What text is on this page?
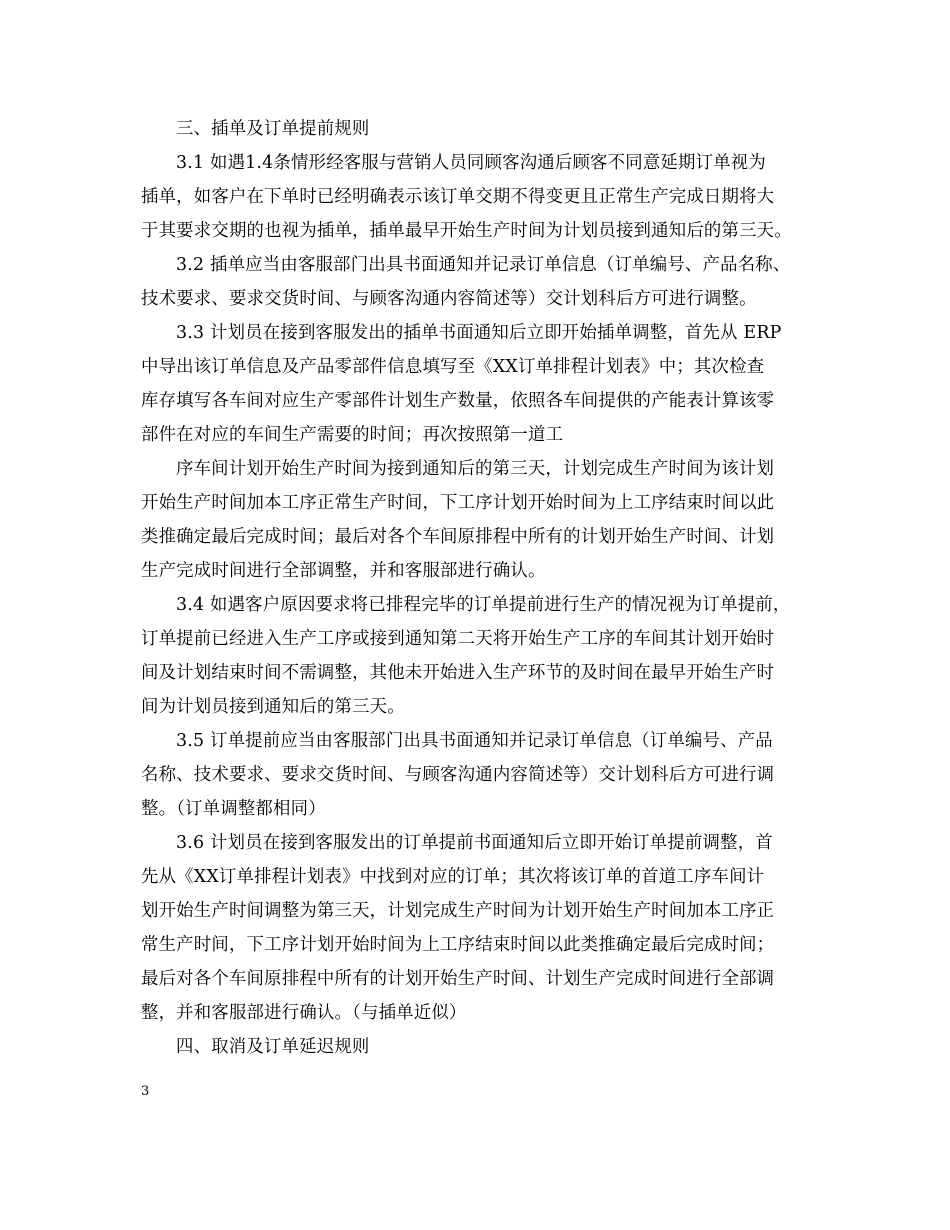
三、插单及订单提前规则
3.1 如遇1.4条情形经客服与营销人员同顾客沟通后顾客不同意延期订单视为
插单，如客户在下单时已经明确表示该订单交期不得变更且正常生产完成日期将大
于其要求交期的也视为插单，插单最早开始生产时间为计划员接到通知后的第三天。
3.2 插单应当由客服部门出具书面通知并记录订单信息（订单编号、产品名称、
技术要求、要求交货时间、与顾客沟通内容简述等）交计划科后方可进行调整。
3.3 计划员在接到客服发出的插单书面通知后立即开始插单调整，首先从 ERP
中导出该订单信息及产品零部件信息填写至《XX订单排程计划表》中；其次检查
库存填写各车间对应生产零部件计划生产数量，依照各车间提供的产能表计算该零
部件在对应的车间生产需要的时间；再次按照第一道工
序车间计划开始生产时间为接到通知后的第三天，计划完成生产时间为该计划
开始生产时间加本工序正常生产时间，下工序计划开始时间为上工序结束时间以此
类推确定最后完成时间；最后对各个车间原排程中所有的计划开始生产时间、计划
生产完成时间进行全部调整，并和客服部进行确认。
3.4 如遇客户原因要求将已排程完毕的订单提前进行生产的情况视为订单提前，
订单提前已经进入生产工序或接到通知第二天将开始生产工序的车间其计划开始时
间及计划结束时间不需调整，其他未开始进入生产环节的及时间在最早开始生产时
间为计划员接到通知后的第三天。
3.5 订单提前应当由客服部门出具书面通知并记录订单信息（订单编号、产品
名称、技术要求、要求交货时间、与顾客沟通内容简述等）交计划科后方可进行调
整。（订单调整都相同）
3.6 计划员在接到客服发出的订单提前书面通知后立即开始订单提前调整，首
先从《XX订单排程计划表》中找到对应的订单；其次将该订单的首道工序车间计
划开始生产时间调整为第三天，计划完成生产时间为计划开始生产时间加本工序正
常生产时间，下工序计划开始时间为上工序结束时间以此类推确定最后完成时间；
最后对各个车间原排程中所有的计划开始生产时间、计划生产完成时间进行全部调
整，并和客服部进行确认。（与插单近似）
四、取消及订单延迟规则
3
